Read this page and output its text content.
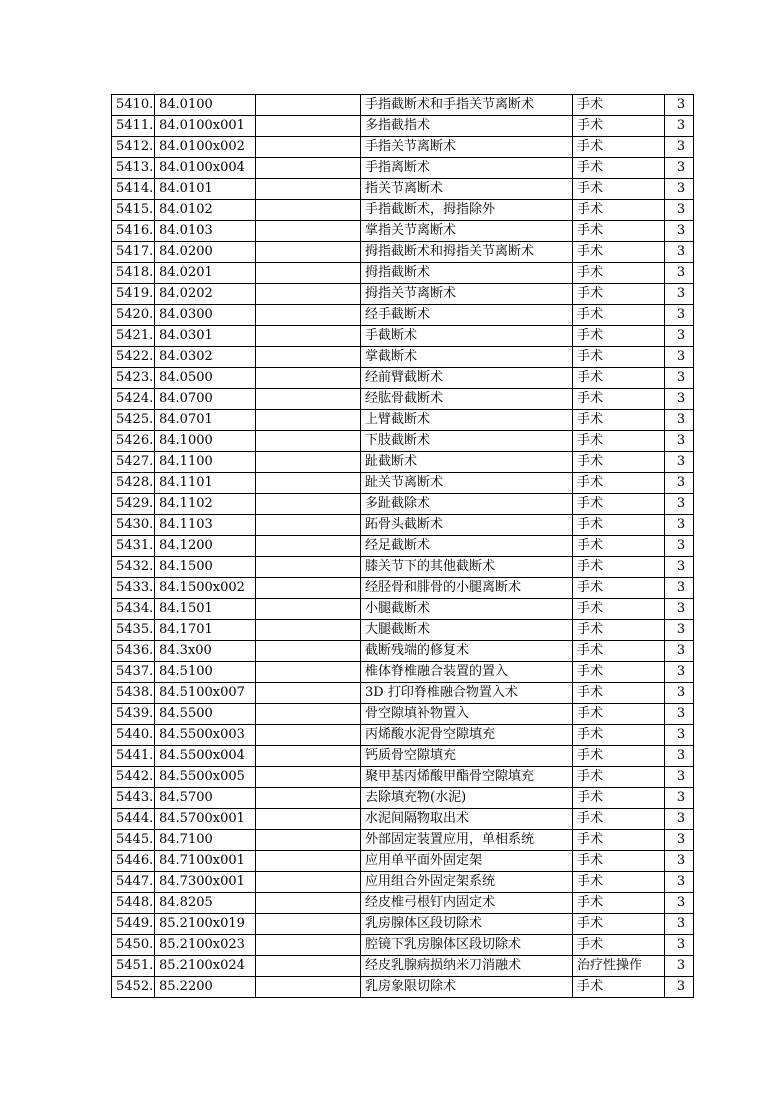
5410.	84.0100		手指截断术和手指关节离断术	手术	3
5411.	84.0100x001		多指截指术	手术	3
5412.	84.0100x002		手指关节离断术	手术	3
5413.	84.0100x004		手指离断术	手术	3
5414.	84.0101		指关节离断术	手术	3
5415.	84.0102		手指截断术，拇指除外	手术	3
5416.	84.0103		掌指关节离断术	手术	3
5417.	84.0200		拇指截断术和拇指关节离断术	手术	3
5418.	84.0201		拇指截断术	手术	3
5419.	84.0202		拇指关节离断术	手术	3
5420.	84.0300		经手截断术	手术	3
5421.	84.0301		手截断术	手术	3
5422.	84.0302		掌截断术	手术	3
5423.	84.0500		经前臂截断术	手术	3
5424.	84.0700		经肱骨截断术	手术	3
5425.	84.0701		上臂截断术	手术	3
5426.	84.1000		下肢截断术	手术	3
5427.	84.1100		趾截断术	手术	3
5428.	84.1101		趾关节离断术	手术	3
5429.	84.1102		多趾截除术	手术	3
5430.	84.1103		跖骨头截断术	手术	3
5431.	84.1200		经足截断术	手术	3
5432.	84.1500		膝关节下的其他截断术	手术	3
5433.	84.1500x002		经胫骨和腓骨的小腿离断术	手术	3
5434.	84.1501		小腿截断术	手术	3
5435.	84.1701		大腿截断术	手术	3
5436.	84.3x00		截断残端的修复术	手术	3
5437.	84.5100		椎体脊椎融合装置的置入	手术	3
5438.	84.5100x007		3D 打印脊椎融合物置入术	手术	3
5439.	84.5500		骨空隙填补物置入	手术	3
5440.	84.5500x003		丙烯酸水泥骨空隙填充	手术	3
5441.	84.5500x004		钙质骨空隙填充	手术	3
5442.	84.5500x005		聚甲基丙烯酸甲酯骨空隙填充	手术	3
5443.	84.5700		去除填充物(水泥)	手术	3
5444.	84.5700x001		水泥间隔物取出术	手术	3
5445.	84.7100		外部固定装置应用，单相系统	手术	3
5446.	84.7100x001		应用单平面外固定架	手术	3
5447.	84.7300x001		应用组合外固定架系统	手术	3
5448.	84.8205		经皮椎弓根钉内固定术	手术	3
5449.	85.2100x019		乳房腺体区段切除术	手术	3
5450.	85.2100x023		腔镜下乳房腺体区段切除术	手术	3
5451.	85.2100x024		经皮乳腺病损纳米刀消融术	治疗性操作	3
5452.	85.2200		乳房象限切除术	手术	3
